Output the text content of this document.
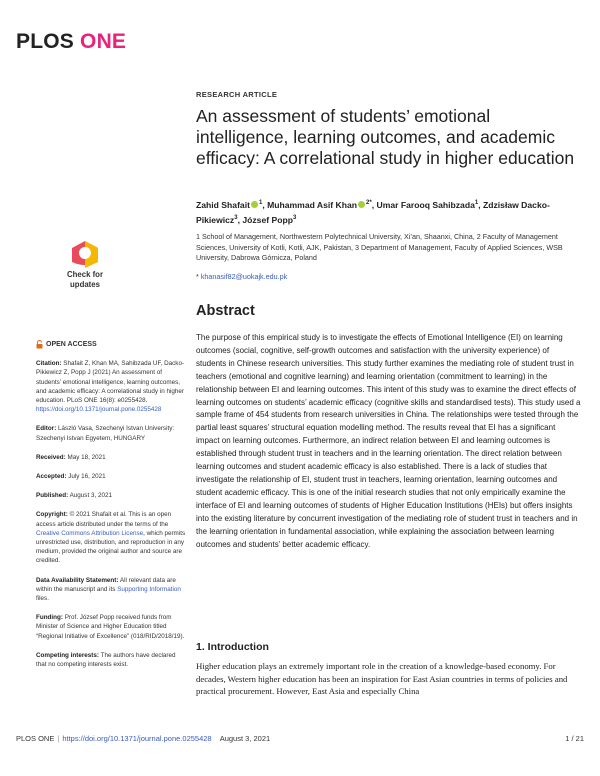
PLOS ONE
RESEARCH ARTICLE
An assessment of students’ emotional intelligence, learning outcomes, and academic efficacy: A correlational study in higher education
Zahid Shafait $^1$, Muhammad Asif Khan $^{2*}$, Umar Farooq Sahibzada$^1$, Zdzisław Dacko-Pikiewicz$^3$, József Popp$^3$
1 School of Management, Northwestern Polytechnical University, Xi’an, Shaanxi, China, 2 Faculty of Management Sciences, University of Kotli, Kotli, AJK, Pakistan, 3 Department of Management, Faculty of Applied Sciences, WSB University, Dabrowa Górnicza, Poland
* khanasif82@uokajk.edu.pk
Check for updates
OPEN ACCESS
Citation: Shafait Z, Khan MA, Sahibzada UF, Dacko-Pikiewicz Z, Popp J (2021) An assessment of students’ emotional intelligence, learning outcomes, and academic efficacy: A correlational study in higher education. PLoS ONE 16(8): e0255428. https://doi.org/10.1371/journal.pone.0255428
Editor: László Vasa, Szechenyi Istvan University: Szechenyi Istvan Egyetem, HUNGARY
Received: May 18, 2021
Accepted: July 16, 2021
Published: August 3, 2021
Copyright: © 2021 Shafait et al. This is an open access article distributed under the terms of the Creative Commons Attribution License, which permits unrestricted use, distribution, and reproduction in any medium, provided the original author and source are credited.
Data Availability Statement: All relevant data are within the manuscript and its Supporting Information files.
Funding: Prof. József Popp received funds from Minister of Science and Higher Education titled “Regional Initiative of Excellence” (018/RID/2018/19).
Competing interests: The authors have declared that no competing interests exist.
Abstract

The purpose of this empirical study is to investigate the effects of Emotional Intelligence (EI) on learning outcomes (social, cognitive, self-growth outcomes and satisfaction with the university experience) of students in Chinese research universities. This study further examines the mediating role of student trust in teachers (emotional and cognitive learning) and learning orientation (commitment to learning) in the relationship between EI and learning outcomes. This intent of this study was to examine the direct effects of learning outcomes on students’ academic efficacy (cognitive skills and standardised tests). This study used a sample frame of 454 students from research universities in China. The relationships were tested through the partial least squares’ structural equation modelling method. The results reveal that EI has a significant impact on learning outcomes. Furthermore, an indirect relation between EI and learning outcomes is established through student trust in teachers and in the learning orientation. The direct relation between learning outcomes and student academic efficacy is also established. There is a lack of studies that investigate the relationship of EI, student trust in teachers, learning orientation, learning outcomes and student academic efficacy. This is one of the initial research studies that not only empirically examine the interface of EI and learning outcomes of students of Higher Education Institutions (HEIs) but offers insights into the existing literature by concurrent investigation of the mediating role of student trust in teachers and in the learning orientation in fundamental association, while explaining the association between learning outcomes and students’ better academic efficacy.

1. Introduction

Higher education plays an extremely important role in the creation of a knowledge-based economy. For decades, Western higher education has been an inspiration for East Asian countries in terms of policies and practical procurement. However, East Asia and especially China

PLOS ONE | https://doi.org/10.1371/journal.pone.0255428 August 3, 2021	1 / 21
